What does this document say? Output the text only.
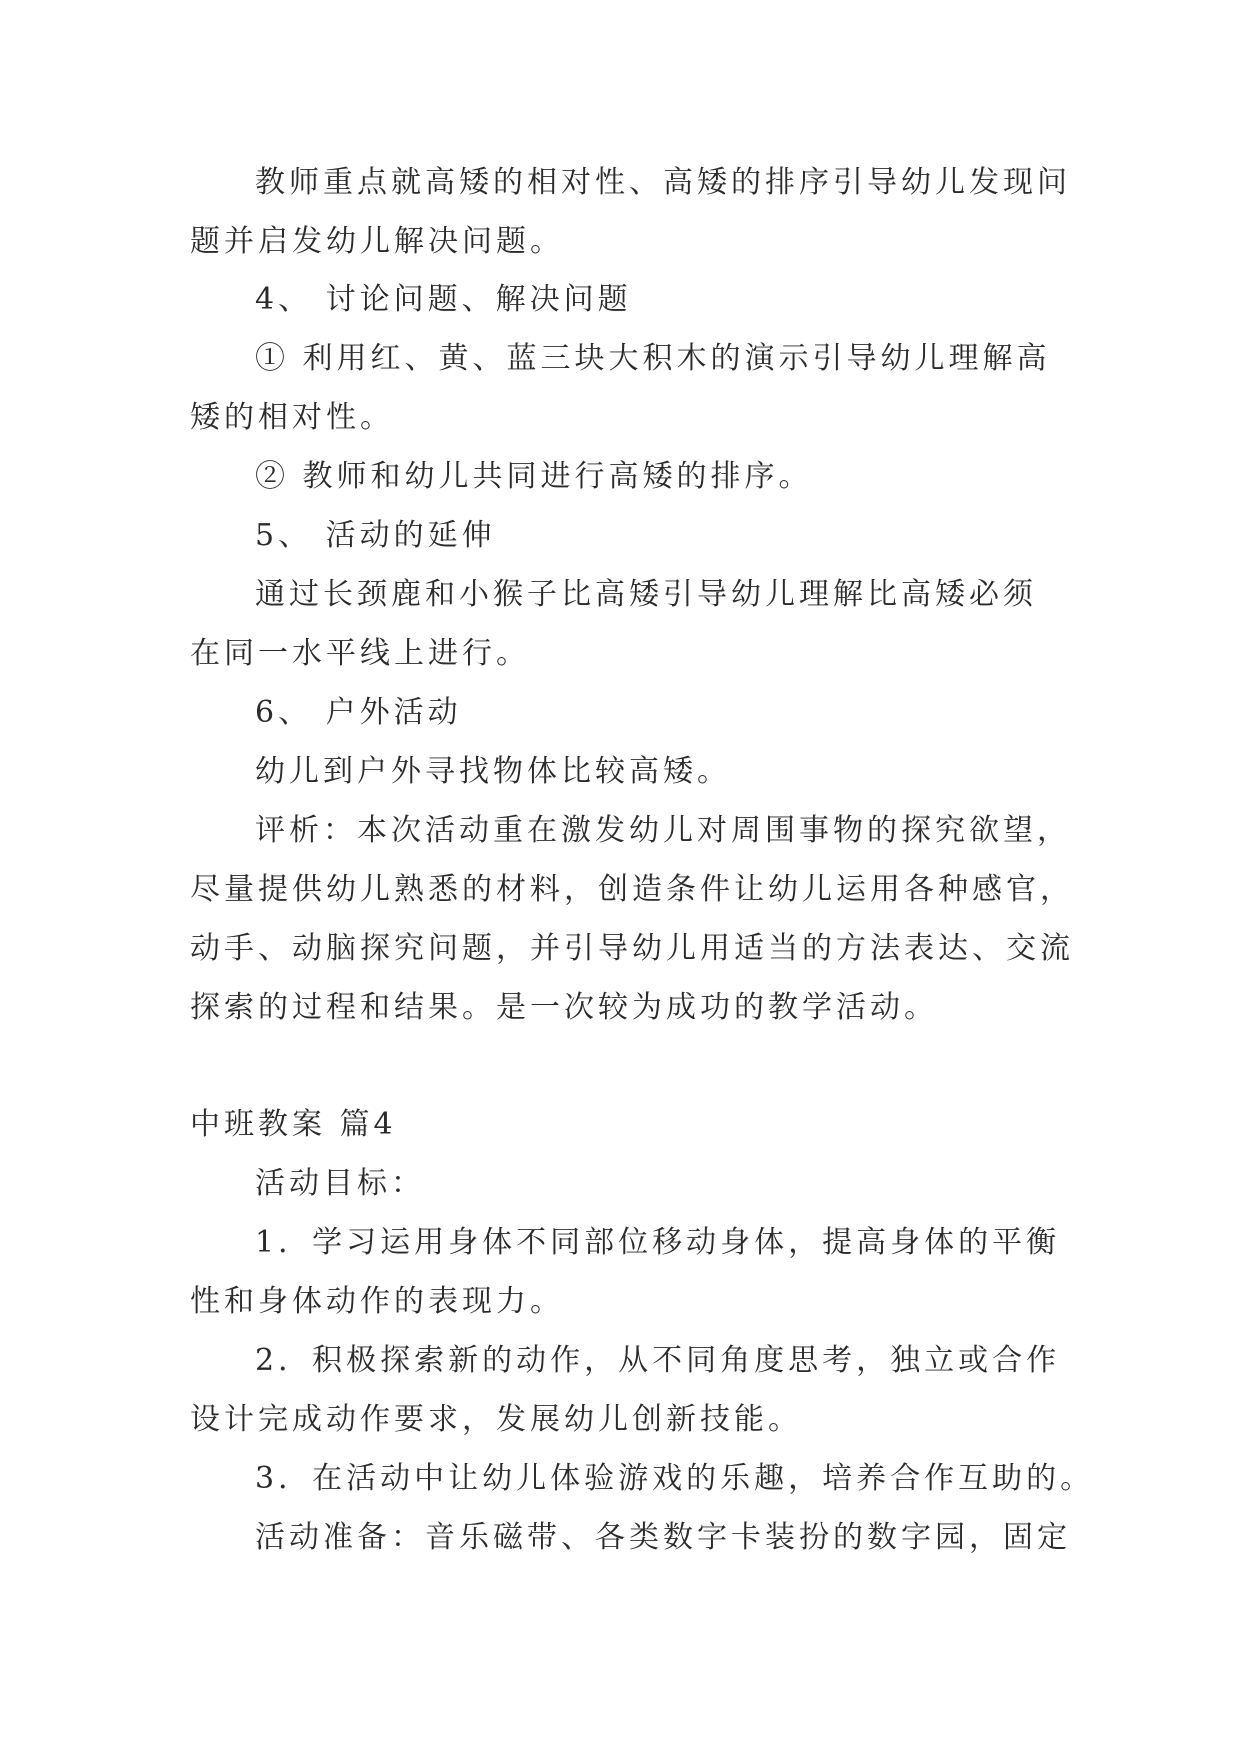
教师重点就高矮的相对性、高矮的排序引导幼儿发现问

题并启发幼儿解决问题。

4、 讨论问题、解决问题

① 利用红、黄、蓝三块大积木的演示引导幼儿理解高

矮的相对性。

② 教师和幼儿共同进行高矮的排序。

5、 活动的延伸

通过长颈鹿和小猴子比高矮引导幼儿理解比高矮必须

在同一水平线上进行。

6、 户外活动

幼儿到户外寻找物体比较高矮。

评析：本次活动重在激发幼儿对周围事物的探究欲望，

尽量提供幼儿熟悉的材料，创造条件让幼儿运用各种感官，

动手、动脑探究问题，并引导幼儿用适当的方法表达、交流

探索的过程和结果。是一次较为成功的教学活动。

中班教案 篇4

活动目标：

1．学习运用身体不同部位移动身体，提高身体的平衡

性和身体动作的表现力。

2．积极探索新的动作，从不同角度思考，独立或合作

设计完成动作要求，发展幼儿创新技能。

3．在活动中让幼儿体验游戏的乐趣，培养合作互助的。

活动准备：音乐磁带、各类数字卡装扮的数字园，固定
